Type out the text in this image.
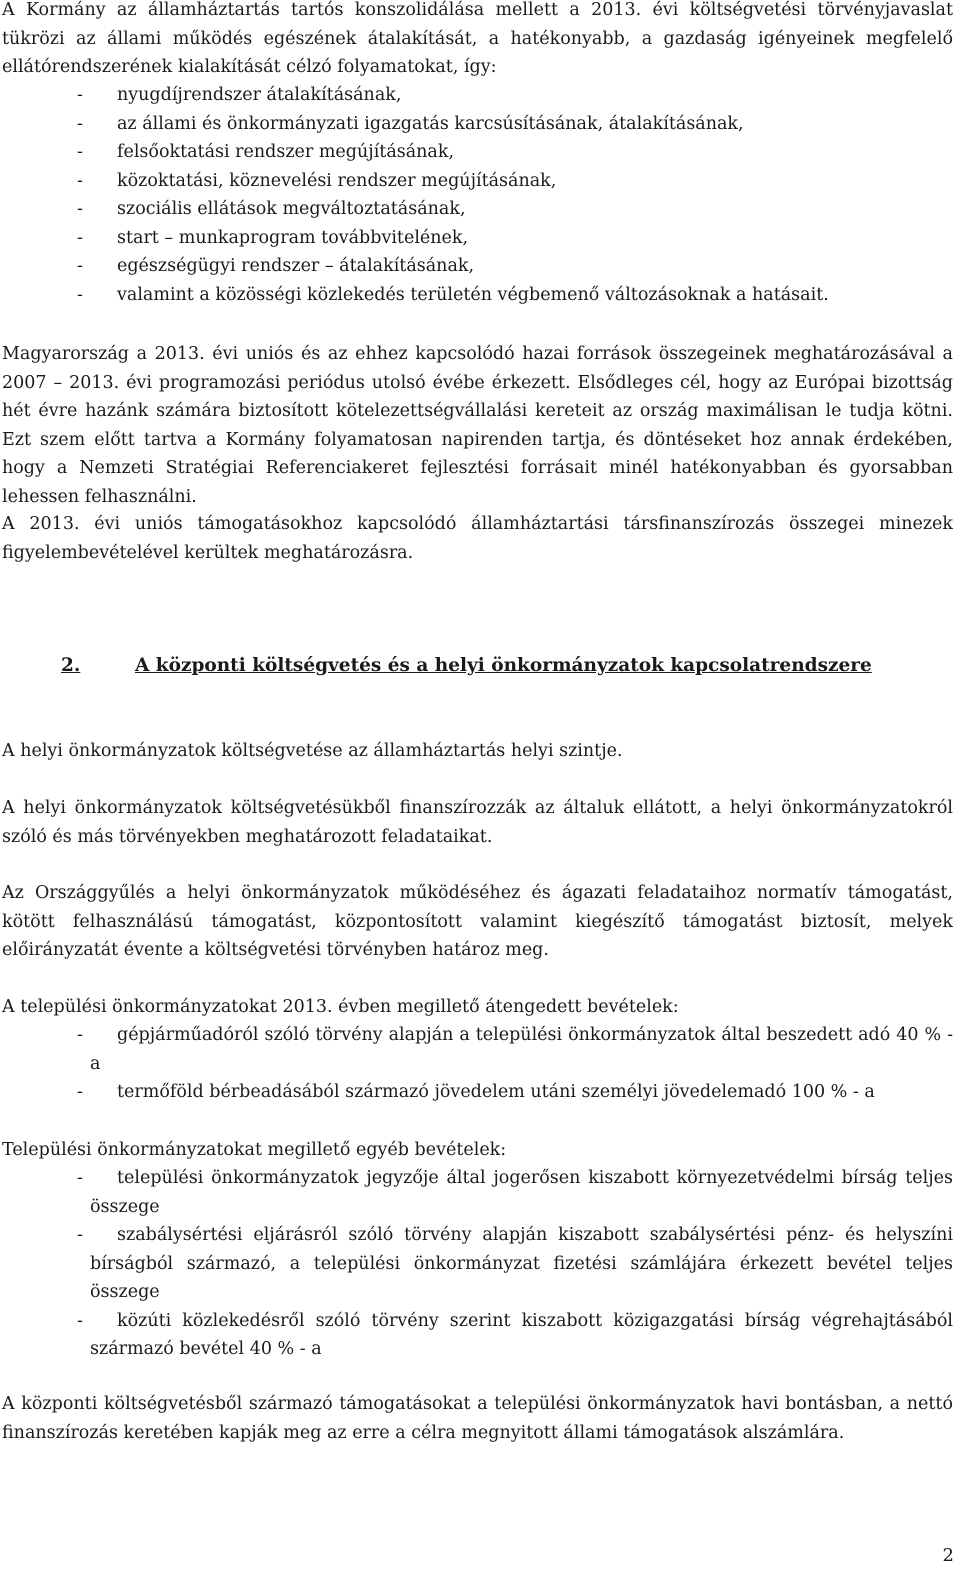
A Kormány az államháztartás tartós konszolidálása mellett a 2013. évi költségvetési törvényjavaslat tükrözi az állami működés egészének átalakítását, a hatékonyabb, a gazdaság igényeinek megfelelő ellátórendszerének kialakítását célzó folyamatokat, így:

- nyugdíjrendszer átalakításának,
- az állami és önkormányzati igazgatás karcsúsításának, átalakításának,
- felsőoktatási rendszer megújításának,
- közoktatási, köznevelési rendszer megújításának,
- szociális ellátások megváltoztatásának,
- start – munkaprogram továbbvitelének,
- egészségügyi rendszer – átalakításának,
- valamint a közösségi közlekedés területén végbemenő változásoknak a hatásait.

Magyarország a 2013. évi uniós és az ehhez kapcsolódó hazai források összegeinek meghatározásával a 2007 – 2013. évi programozási periódus utolsó évébe érkezett. Elsődleges cél, hogy az Európai bizottság hét évre hazánk számára biztosított kötelezettségvállalási kereteit az ország maximálisan le tudja kötni. Ezt szem előtt tartva a Kormány folyamatosan napirenden tartja, és döntéseket hoz annak érdekében, hogy a Nemzeti Stratégiai Referenciakeret fejlesztési forrásait minél hatékonyabban és gyorsabban lehessen felhasználni.

A 2013. évi uniós támogatásokhoz kapcsolódó államháztartási társfinanszírozás összegei minezek figyelembevételével kerültek meghatározásra.

2.	A központi költségvetés és a helyi önkormányzatok kapcsolatrendszere

A helyi önkormányzatok költségvetése az államháztartás helyi szintje.

A helyi önkormányzatok költségvetésükből finanszírozzák az általuk ellátott, a helyi önkormányzatokról szóló és más törvényekben meghatározott feladataikat.

Az Országgyűlés a helyi önkormányzatok működéséhez és ágazati feladataihoz normatív támogatást, kötött felhasználású támogatást, központosított valamint kiegészítő támogatást biztosít, melyek előirányzatát évente a költségvetési törvényben határoz meg.

A települési önkormányzatokat 2013. évben megillető átengedett bevételek:

-	gépjárműadóról szóló törvény alapján a települési önkormányzatok által beszedett adó 40 % - a
-	termőföld bérbeadásából származó jövedelem utáni személyi jövedelemadó 100 % - a

Települési önkormányzatokat megillető egyéb bevételek:

-	települési önkormányzatok jegyzője által jogerősen kiszabott környezetvédelmi bírság teljes összege
-	szabálysértési eljárásról szóló törvény alapján kiszabott szabálysértési pénz- és helyszíni bírságból származó, a települési önkormányzat fizetési számlájára érkezett bevétel teljes összege
-	közúti közlekedésről szóló törvény szerint kiszabott közigazgatási bírság végrehajtásából származó bevétel 40 % - a

A központi költségvetésből származó támogatásokat a települési önkormányzatok havi bontásban, a nettó finanszírozás keretében kapják meg az erre a célra megnyitott állami támogatások alszámlára.

2
